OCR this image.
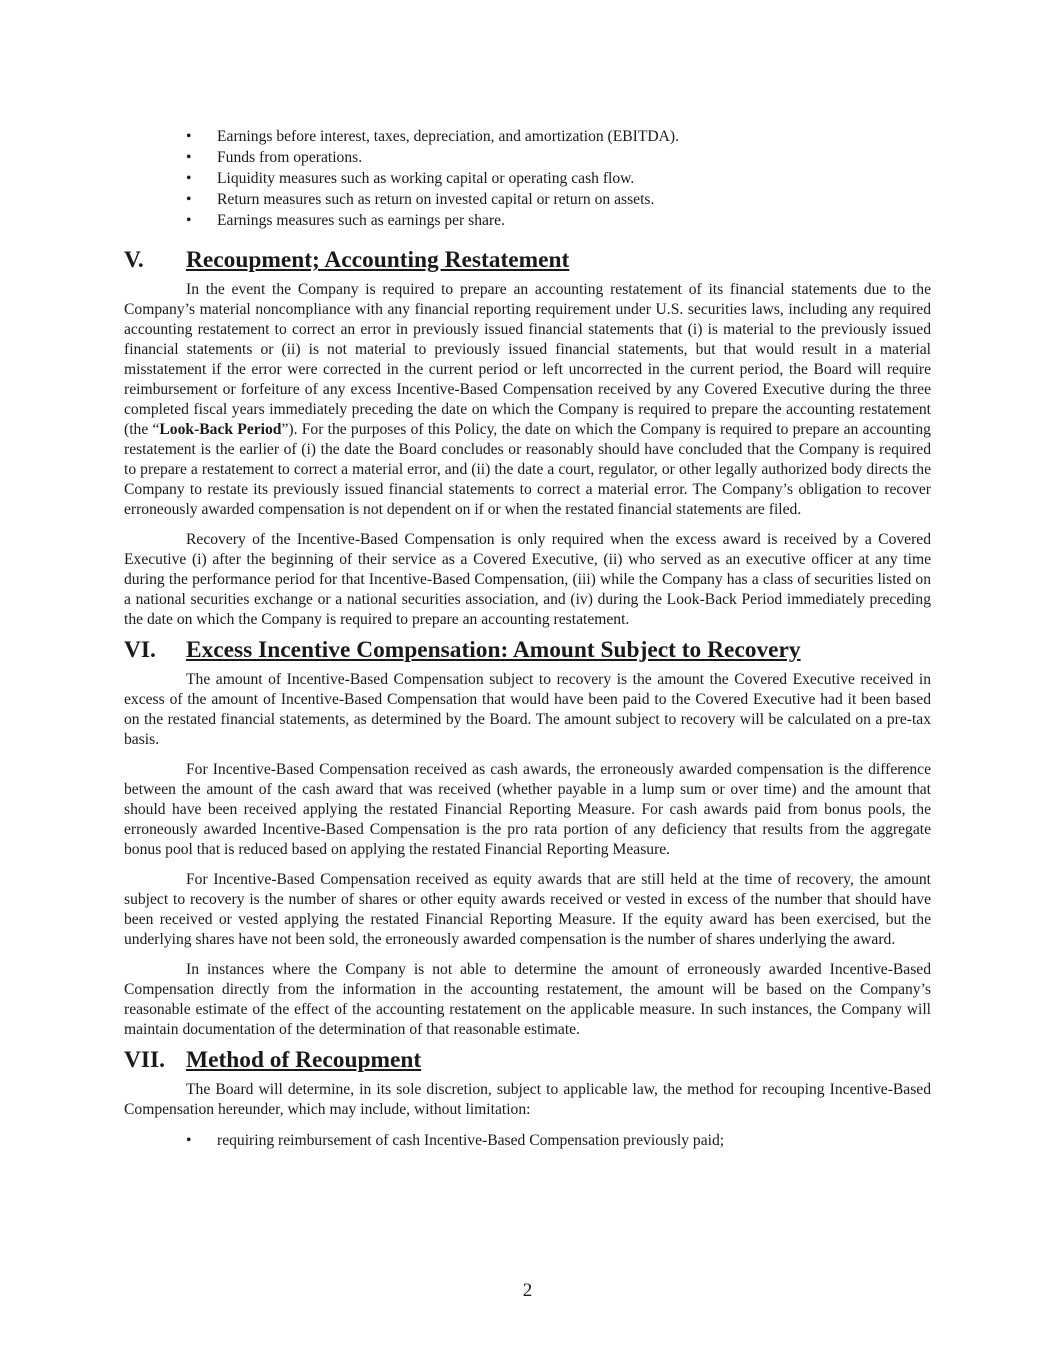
• Earnings before interest, taxes, depreciation, and amortization (EBITDA).
• Funds from operations.
• Liquidity measures such as working capital or operating cash flow.
• Return measures such as return on invested capital or return on assets.
• Earnings measures such as earnings per share.
V.	Recoupment; Accounting Restatement

In the event the Company is required to prepare an accounting restatement of its financial statements due to the Company’s material noncompliance with any financial reporting requirement under U.S. securities laws, including any required accounting restatement to correct an error in previously issued financial statements that (i) is material to the previously issued financial statements or (ii) is not material to previously issued financial statements, but that would result in a material misstatement if the error were corrected in the current period or left uncorrected in the current period, the Board will require reimbursement or forfeiture of any excess Incentive-Based Compensation received by any Covered Executive during the three completed fiscal years immediately preceding the date on which the Company is required to prepare the accounting restatement (the “Look-Back Period”). For the purposes of this Policy, the date on which the Company is required to prepare an accounting restatement is the earlier of (i) the date the Board concludes or reasonably should have concluded that the Company is required to prepare a restatement to correct a material error, and (ii) the date a court, regulator, or other legally authorized body directs the Company to restate its previously issued financial statements to correct a material error. The Company’s obligation to recover erroneously awarded compensation is not dependent on if or when the restated financial statements are filed.

Recovery of the Incentive-Based Compensation is only required when the excess award is received by a Covered Executive (i) after the beginning of their service as a Covered Executive, (ii) who served as an executive officer at any time during the performance period for that Incentive-Based Compensation, (iii) while the Company has a class of securities listed on a national securities exchange or a national securities association, and (iv) during the Look-Back Period immediately preceding the date on which the Company is required to prepare an accounting restatement.

VI.	Excess Incentive Compensation: Amount Subject to Recovery

The amount of Incentive-Based Compensation subject to recovery is the amount the Covered Executive received in excess of the amount of Incentive-Based Compensation that would have been paid to the Covered Executive had it been based on the restated financial statements, as determined by the Board. The amount subject to recovery will be calculated on a pre-tax basis.

For Incentive-Based Compensation received as cash awards, the erroneously awarded compensation is the difference between the amount of the cash award that was received (whether payable in a lump sum or over time) and the amount that should have been received applying the restated Financial Reporting Measure. For cash awards paid from bonus pools, the erroneously awarded Incentive-Based Compensation is the pro rata portion of any deficiency that results from the aggregate bonus pool that is reduced based on applying the restated Financial Reporting Measure.

For Incentive-Based Compensation received as equity awards that are still held at the time of recovery, the amount subject to recovery is the number of shares or other equity awards received or vested in excess of the number that should have been received or vested applying the restated Financial Reporting Measure. If the equity award has been exercised, but the underlying shares have not been sold, the erroneously awarded compensation is the number of shares underlying the award.

In instances where the Company is not able to determine the amount of erroneously awarded Incentive-Based Compensation directly from the information in the accounting restatement, the amount will be based on the Company’s reasonable estimate of the effect of the accounting restatement on the applicable measure. In such instances, the Company will maintain documentation of the determination of that reasonable estimate.

VII. Method of Recoupment

The Board will determine, in its sole discretion, subject to applicable law, the method for recouping Incentive-Based Compensation hereunder, which may include, without limitation:

• requiring reimbursement of cash Incentive-Based Compensation previously paid;
2
